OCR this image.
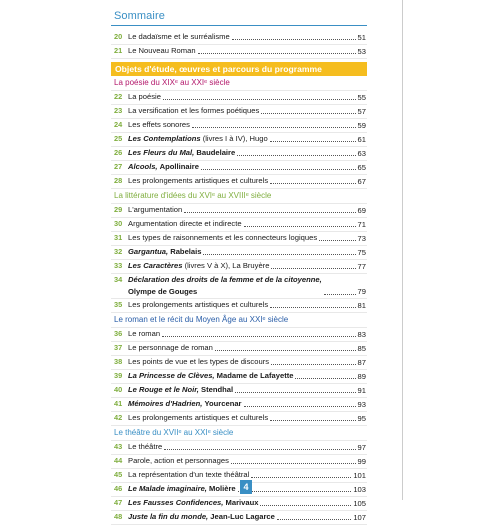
Sommaire
20 Le dadaïsme et le surréalisme	51
21 Le Nouveau Roman	53
Objets d'étude, œuvres et parcours du programme
La poésie du XIXᵉ au XXIᵉ siècle
22 La poésie	55
23 La versification et les formes poétiques	57
24 Les effets sonores	59
25 Les Contemplations (livres I à IV), Hugo	61
26 Les Fleurs du Mal, Baudelaire	63
27 Alcools, Apollinaire	65
28 Les prolongements artistiques et culturels	67
La littérature d'idées du XVIᵉ au XVIIIᵉ siècle
29 L'argumentation	69
30 Argumentation directe et indirecte	71
31 Les types de raisonnements et les connecteurs logiques	73
32 Gargantua, Rabelais	75
33 Les Caractères (livres V à X), La Bruyère	77
34 Déclaration des droits de la femme et de la citoyenne,
Olympe de Gouges	79
35 Les prolongements artistiques et culturels	81
Le roman et le récit du Moyen Âge au XXIᵉ siècle
36 Le roman	83
37 Le personnage de roman	85
38 Les points de vue et les types de discours	87
39 La Princesse de Clèves, Madame de Lafayette	89
40 Le Rouge et le Noir, Stendhal	91
41 Mémoires d'Hadrien, Yourcenar	93
42 Les prolongements artistiques et culturels	95
Le théâtre du XVIIᵉ au XXIᵉ siècle
43 Le théâtre	97
44 Parole, action et personnages	99
45 La représentation d'un texte théâtral	101
46 Le Malade imaginaire, Molière	103
47 Les Fausses Confidences, Marivaux	105
48 Juste la fin du monde, Jean-Luc Lagarce	107
4
